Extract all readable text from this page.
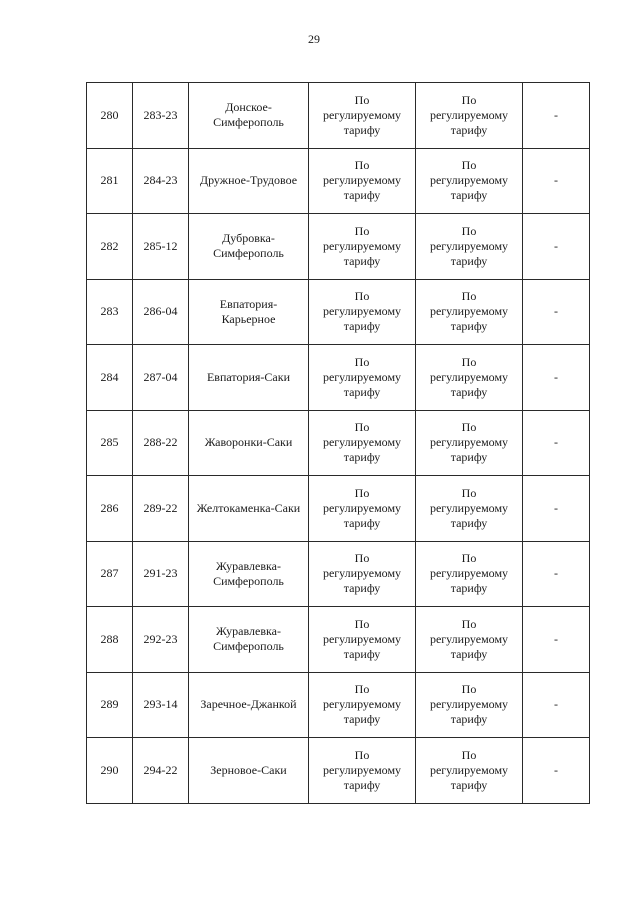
29
280	283-23	Донское-
Симферополь	По
регулируемому
тарифу	По
регулируемому
тарифу	-
281	284-23	Дружное-Трудовое	По
регулируемому
тарифу	По
регулируемому
тарифу	-
282	285-12	Дубровка-
Симферополь	По
регулируемому
тарифу	По
регулируемому
тарифу	-
283	286-04	Евпатория-
Карьерное	По
регулируемому
тарифу	По
регулируемому
тарифу	-
284	287-04	Евпатория-Саки	По
регулируемому
тарифу	По
регулируемому
тарифу	-
285	288-22	Жаворонки-Саки	По
регулируемому
тарифу	По
регулируемому
тарифу	-
286	289-22	Желтокаменка-Саки	По
регулируемому
тарифу	По
регулируемому
тарифу	-
287	291-23	Журавлевка-
Симферополь	По
регулируемому
тарифу	По
регулируемому
тарифу	-
288	292-23	Журавлевка-
Симферополь	По
регулируемому
тарифу	По
регулируемому
тарифу	-
289	293-14	Заречное-Джанкой	По
регулируемому
тарифу	По
регулируемому
тарифу	-
290	294-22	Зерновое-Саки	По
регулируемому
тарифу	По
регулируемому
тарифу	-
